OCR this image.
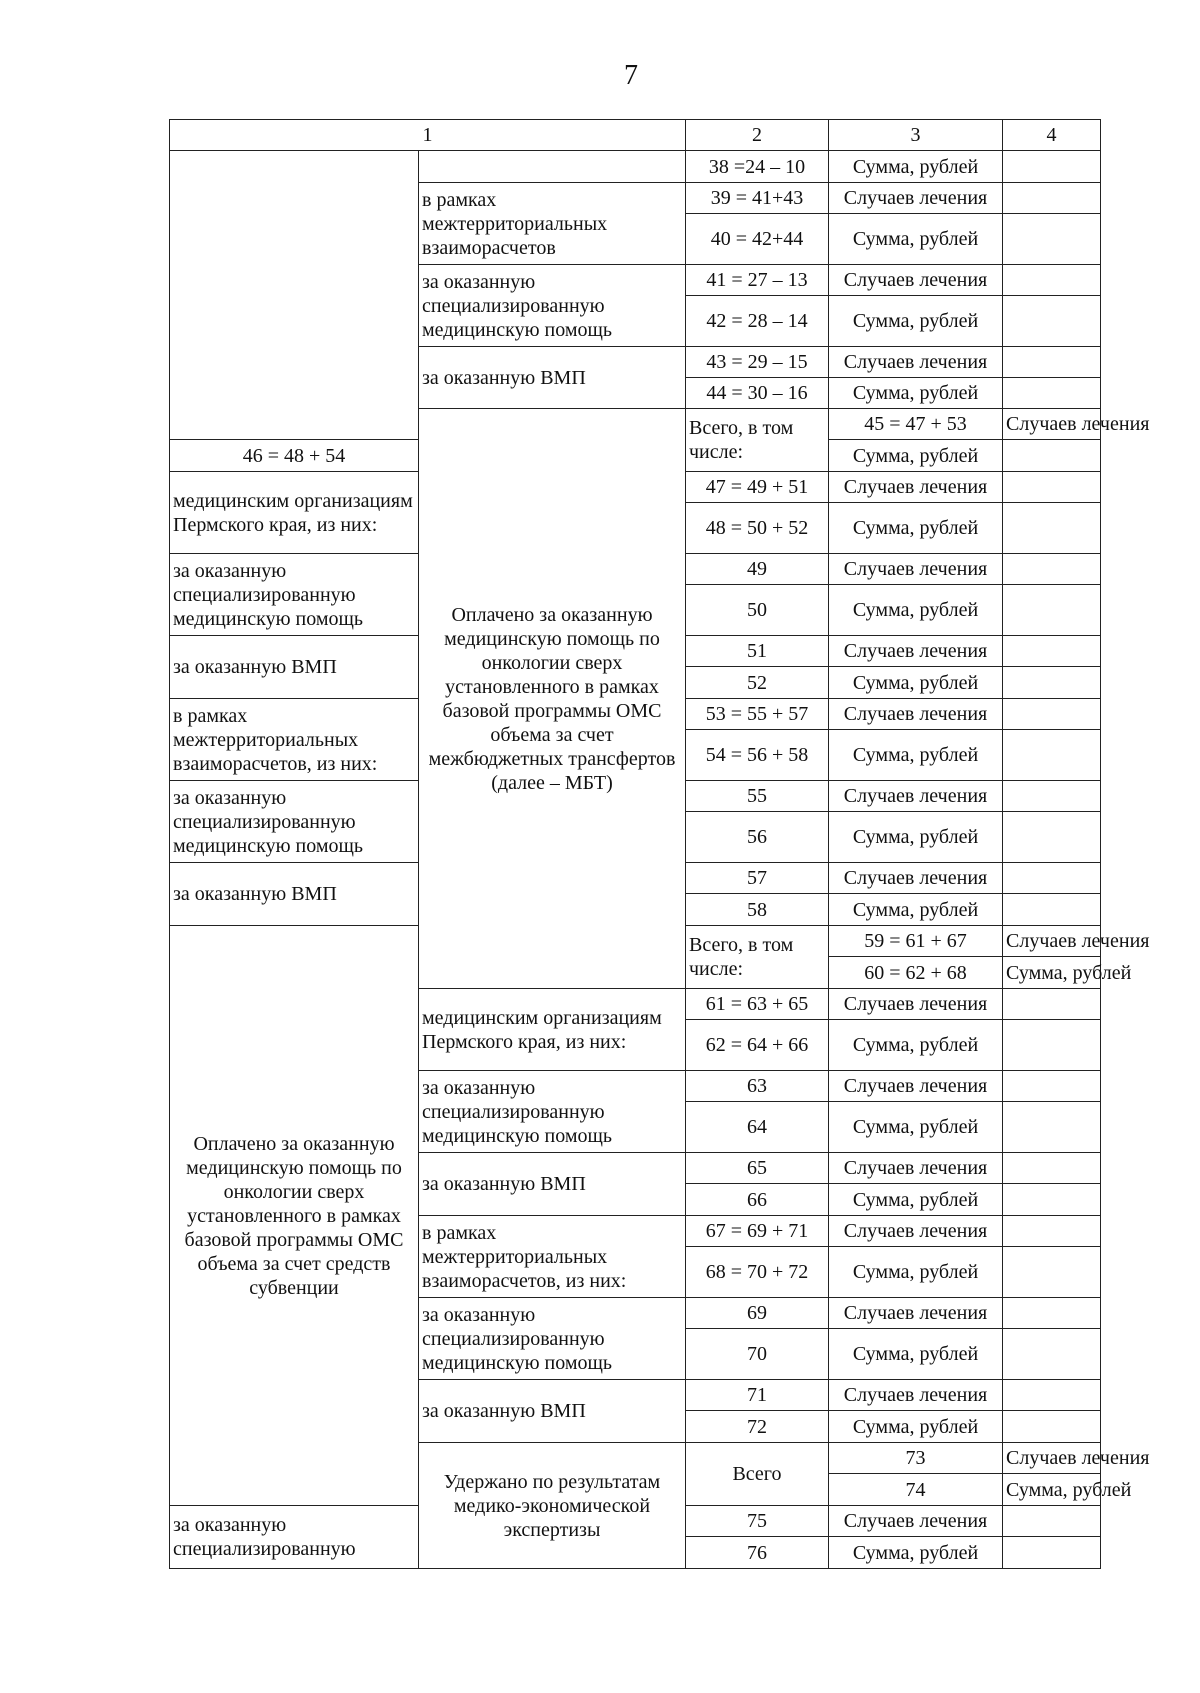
7
1		2	3	4	
		38 =24 – 10	Сумма, рублей		
	в рамках межтерриториальных взаиморасчетов	39 = 41+43	Случаев лечения		
		40 = 42+44	Сумма, рублей		
	за оказанную специализированную медицинскую помощь	41 = 27 – 13	Случаев лечения		
		42 = 28 – 14	Сумма, рублей		
	за оказанную ВМП	43 = 29 – 15	Случаев лечения		
		44 = 30 – 16	Сумма, рублей		
	Оплачено за оказанную медицинскую помощь по онкологии сверх установленного в рамках базовой программы ОМС объема за счет межбюджетных трансфертов (далее – МБТ)	Всего, в том числе:	45 = 47 + 53	Случаев лечения	
46 = 48 + 54			Сумма, рублей		
медицинским организациям Пермского края, из них:		47 = 49 + 51	Случаев лечения		
		48 = 50 + 52	Сумма, рублей		
за оказанную специализированную медицинскую помощь		49	Случаев лечения		
		50	Сумма, рублей		
за оказанную ВМП		51	Случаев лечения		
		52	Сумма, рублей		
в рамках межтерриториальных взаиморасчетов, из них:		53 = 55 + 57	Случаев лечения		
		54 = 56 + 58	Сумма, рублей		
за оказанную специализированную медицинскую помощь		55	Случаев лечения		
		56	Сумма, рублей		
за оказанную ВМП		57	Случаев лечения		
		58	Сумма, рублей		
Оплачено за оказанную медицинскую помощь по онкологии сверх установленного в рамках базовой программы ОМС объема за счет средств субвенции		Всего, в том числе:	59 = 61 + 67	Случаев лечения	
			60 = 62 + 68	Сумма, рублей	
	медицинским организациям Пермского края, из них:	61 = 63 + 65	Случаев лечения		
		62 = 64 + 66	Сумма, рублей		
	за оказанную специализированную медицинскую помощь	63	Случаев лечения		
		64	Сумма, рублей		
	за оказанную ВМП	65	Случаев лечения		
		66	Сумма, рублей		
	в рамках межтерриториальных взаиморасчетов, из них:	67 = 69 + 71	Случаев лечения		
		68 = 70 + 72	Сумма, рублей		
	за оказанную специализированную медицинскую помощь	69	Случаев лечения		
		70	Сумма, рублей		
	за оказанную ВМП	71	Случаев лечения		
		72	Сумма, рублей		
	Удержано по результатам медико-экономической экспертизы	Всего	73	Случаев лечения	
			74	Сумма, рублей	
за оказанную специализированную		75	Случаев лечения		
		76	Сумма, рублей		
